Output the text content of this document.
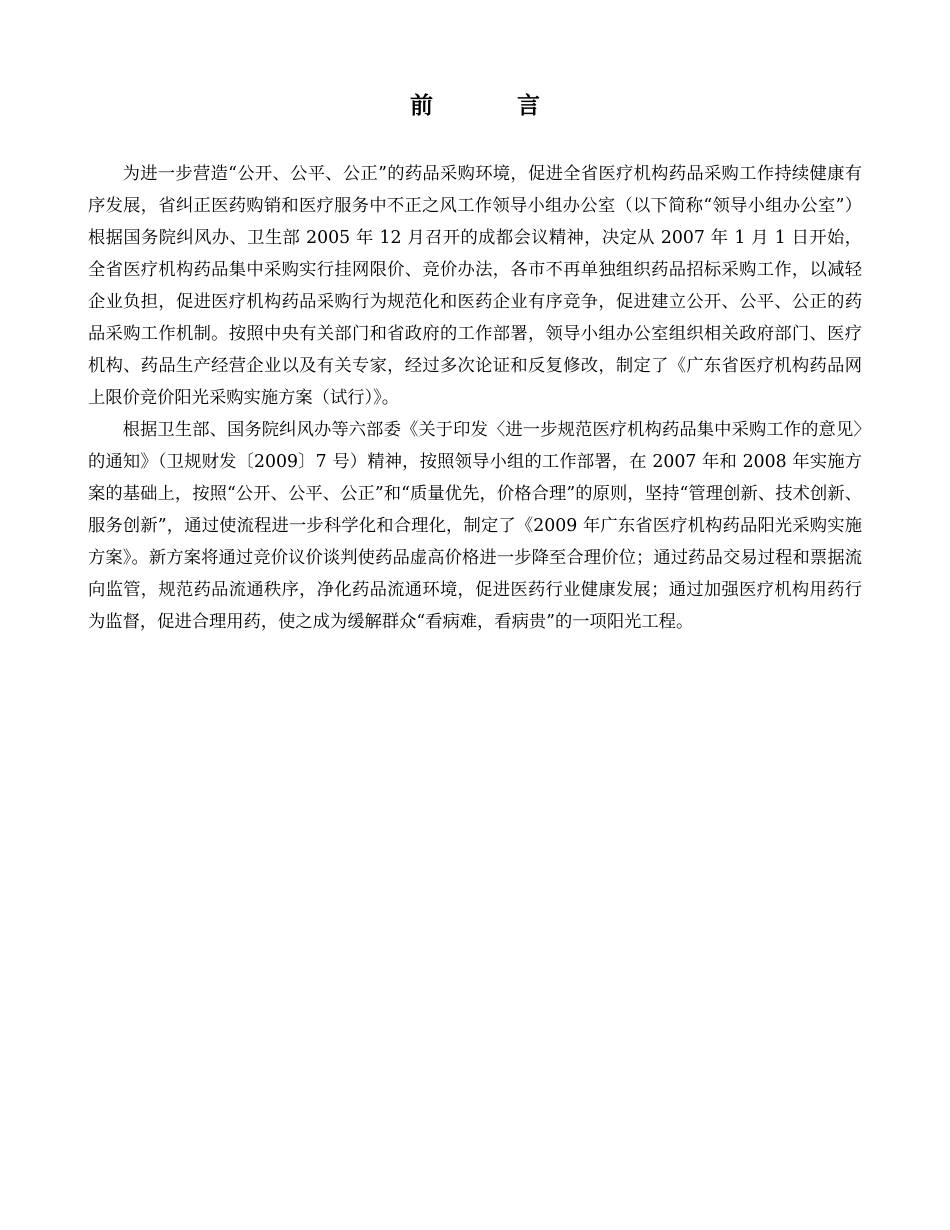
前 言

为进一步营造“公开、公平、公正”的药品采购环境，促进全省医疗机构药品采购工作持续健康有序发展，省纠正医药购销和医疗服务中不正之风工作领导小组办公室（以下简称“领导小组办公室”）根据国务院纠风办、卫生部 2005 年 12 月召开的成都会议精神，决定从 2007 年 1 月 1 日开始，全省医疗机构药品集中采购实行挂网限价、竞价办法，各市不再单独组织药品招标采购工作，以减轻企业负担，促进医疗机构药品采购行为规范化和医药企业有序竞争，促进建立公开、公平、公正的药品采购工作机制。按照中央有关部门和省政府的工作部署，领导小组办公室组织相关政府部门、医疗机构、药品生产经营企业以及有关专家，经过多次论证和反复修改，制定了《广东省医疗机构药品网上限价竞价阳光采购实施方案（试行）》。

根据卫生部、国务院纠风办等六部委《关于印发〈进一步规范医疗机构药品集中采购工作的意见〉的通知》（卫规财发〔2009〕7 号）精神，按照领导小组的工作部署，在 2007 年和 2008 年实施方案的基础上，按照“公开、公平、公正”和“质量优先，价格合理”的原则，坚持“管理创新、技术创新、服务创新”，通过使流程进一步科学化和合理化，制定了《2009 年广东省医疗机构药品阳光采购实施方案》。新方案将通过竞价议价谈判使药品虚高价格进一步降至合理价位；通过药品交易过程和票据流向监管，规范药品流通秩序，净化药品流通环境，促进医药行业健康发展；通过加强医疗机构用药行为监督，促进合理用药，使之成为缓解群众“看病难，看病贵”的一项阳光工程。
